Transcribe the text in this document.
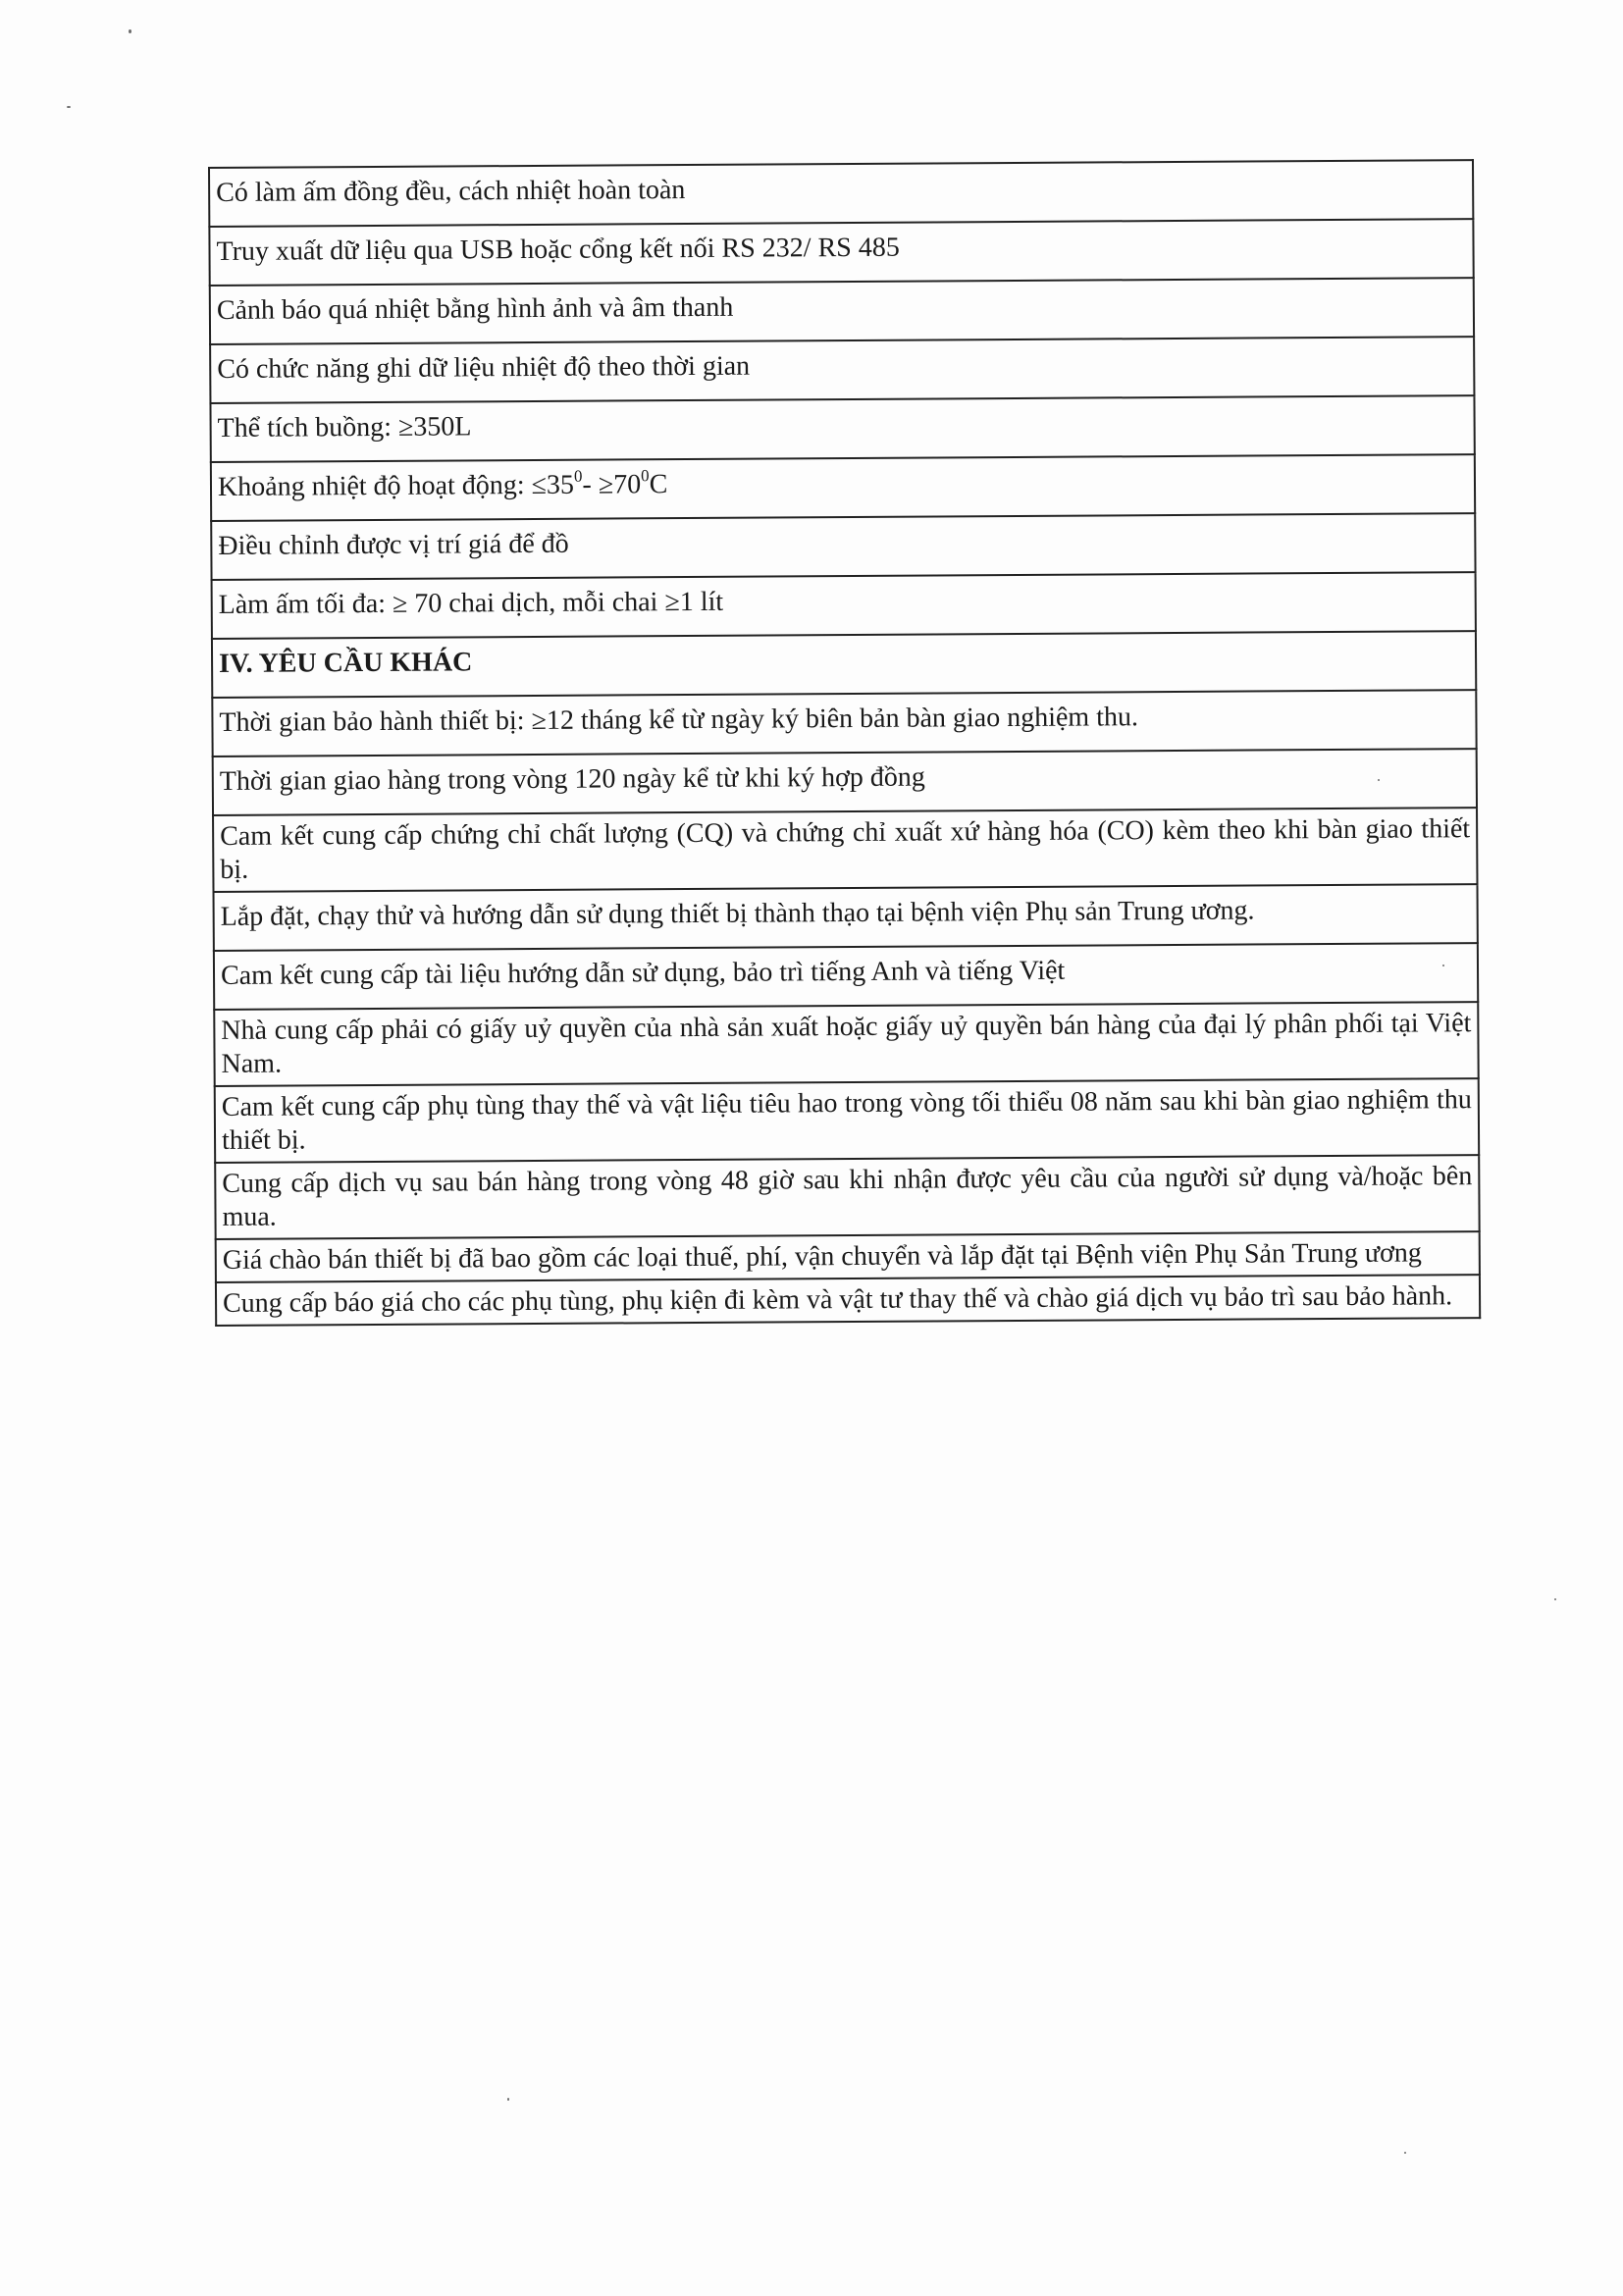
Có làm ấm đồng đều, cách nhiệt hoàn toàn
Truy xuất dữ liệu qua USB hoặc cổng kết nối RS 232/ RS 485
Cảnh báo quá nhiệt bằng hình ảnh và âm thanh
Có chức năng ghi dữ liệu nhiệt độ theo thời gian
Thể tích buồng: ≥350L
Khoảng nhiệt độ hoạt động: $\le 35^0- \ge 70^0C$
Điều chỉnh được vị trí giá để đồ
Làm ấm tối đa: ≥ 70 chai dịch, mỗi chai ≥1 lít
IV. YÊU CẦU KHÁC
Thời gian bảo hành thiết bị: ≥12 tháng kể từ ngày ký biên bản bàn giao nghiệm thu.
Thời gian giao hàng trong vòng 120 ngày kể từ khi ký hợp đồng
Cam kết cung cấp chứng chỉ chất lượng (CQ) và chứng chỉ xuất xứ hàng hóa (CO) kèm theo khi bàn giao thiết bị.
Lắp đặt, chạy thử và hướng dẫn sử dụng thiết bị thành thạo tại bệnh viện Phụ sản Trung ương.
Cam kết cung cấp tài liệu hướng dẫn sử dụng, bảo trì tiếng Anh và tiếng Việt
Nhà cung cấp phải có giấy uỷ quyền của nhà sản xuất hoặc giấy uỷ quyền bán hàng của đại lý phân phối tại Việt Nam.
Cam kết cung cấp phụ tùng thay thế và vật liệu tiêu hao trong vòng tối thiểu 08 năm sau khi bàn giao nghiệm thu thiết bị.
Cung cấp dịch vụ sau bán hàng trong vòng 48 giờ sau khi nhận được yêu cầu của người sử dụng và/hoặc bên mua.
Giá chào bán thiết bị đã bao gồm các loại thuế, phí, vận chuyển và lắp đặt tại Bệnh viện Phụ Sản Trung ương
Cung cấp báo giá cho các phụ tùng, phụ kiện đi kèm và vật tư thay thế và chào giá dịch vụ bảo trì sau bảo hành.
